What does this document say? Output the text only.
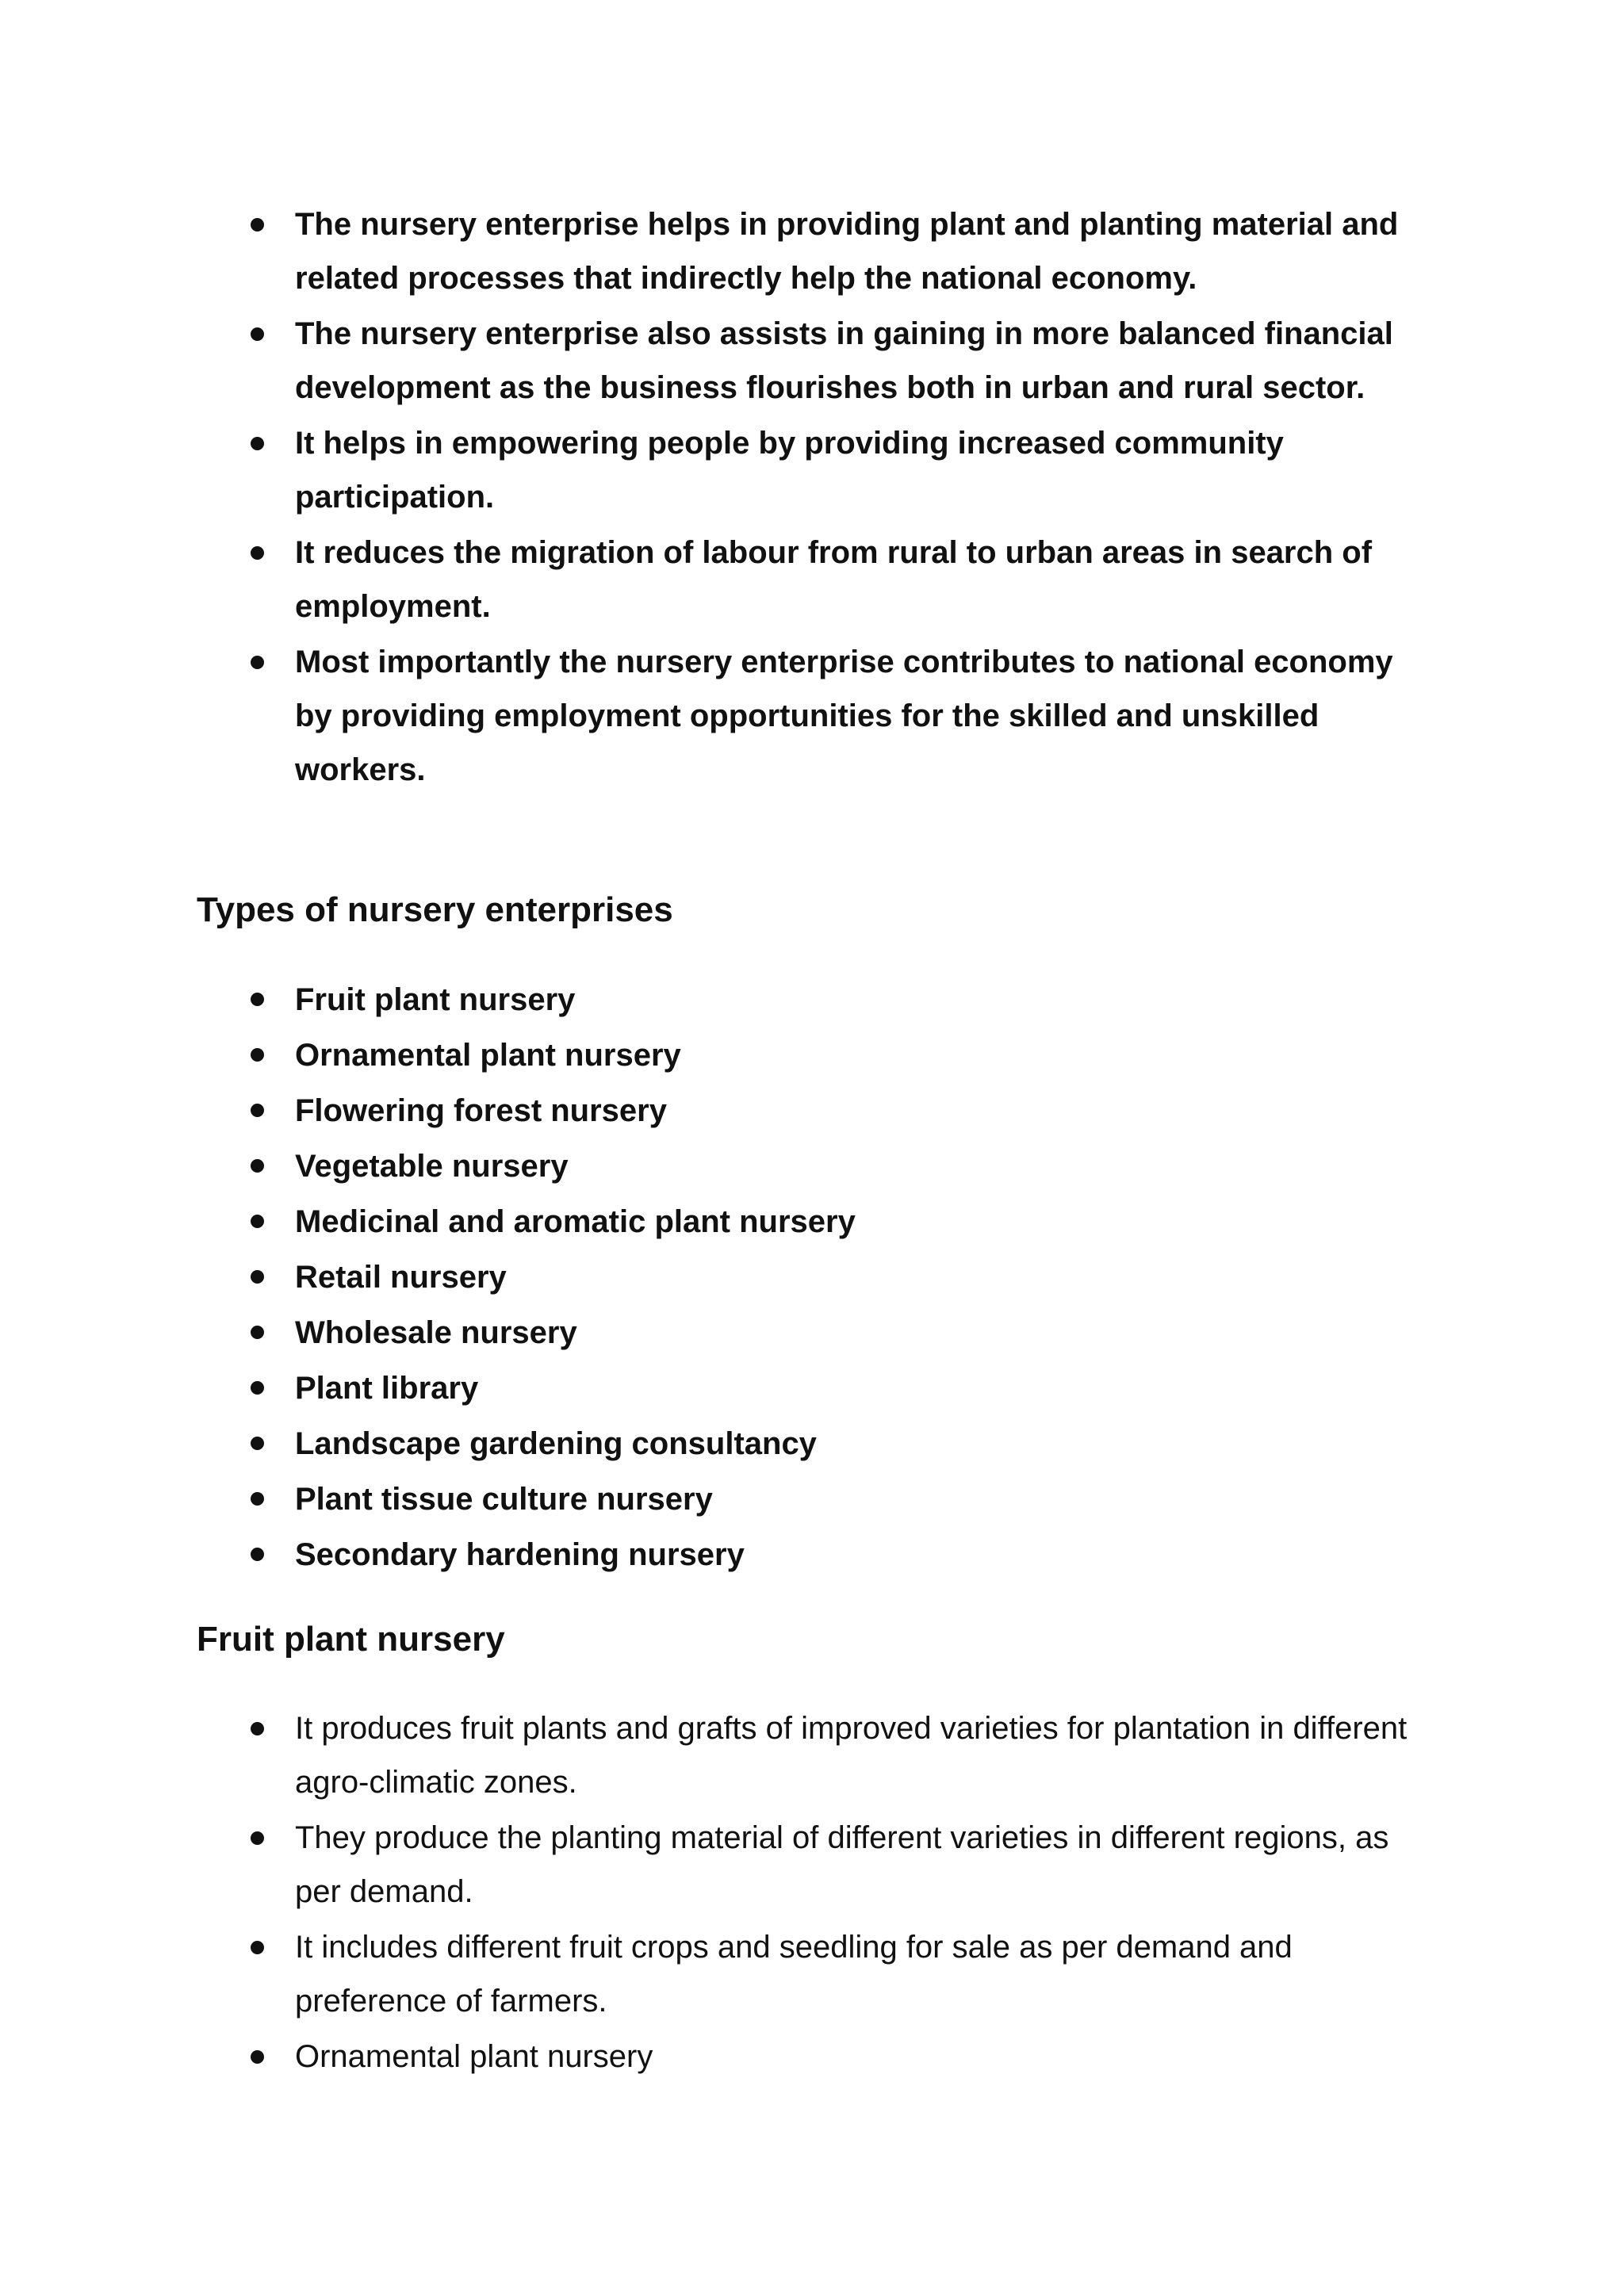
The nursery enterprise helps in providing plant and planting material and related processes that indirectly help the national economy.
The nursery enterprise also assists in gaining in more balanced financial development as the business flourishes both in urban and rural sector.
It helps in empowering people by providing increased community participation.
It reduces the migration of labour from rural to urban areas in search of employment.
Most importantly the nursery enterprise contributes to national economy by providing employment opportunities for the skilled and unskilled workers.
Types of nursery enterprises
Fruit plant nursery
Ornamental plant nursery
Flowering forest nursery
Vegetable nursery
Medicinal and aromatic plant nursery
Retail nursery
Wholesale nursery
Plant library
Landscape gardening consultancy
Plant tissue culture nursery
Secondary hardening nursery
Fruit plant nursery
It produces fruit plants and grafts of improved varieties for plantation in different agro-climatic zones.
They produce the planting material of different varieties in different regions, as per demand.
It includes different fruit crops and seedling for sale as per demand and preference of farmers.
Ornamental plant nursery
